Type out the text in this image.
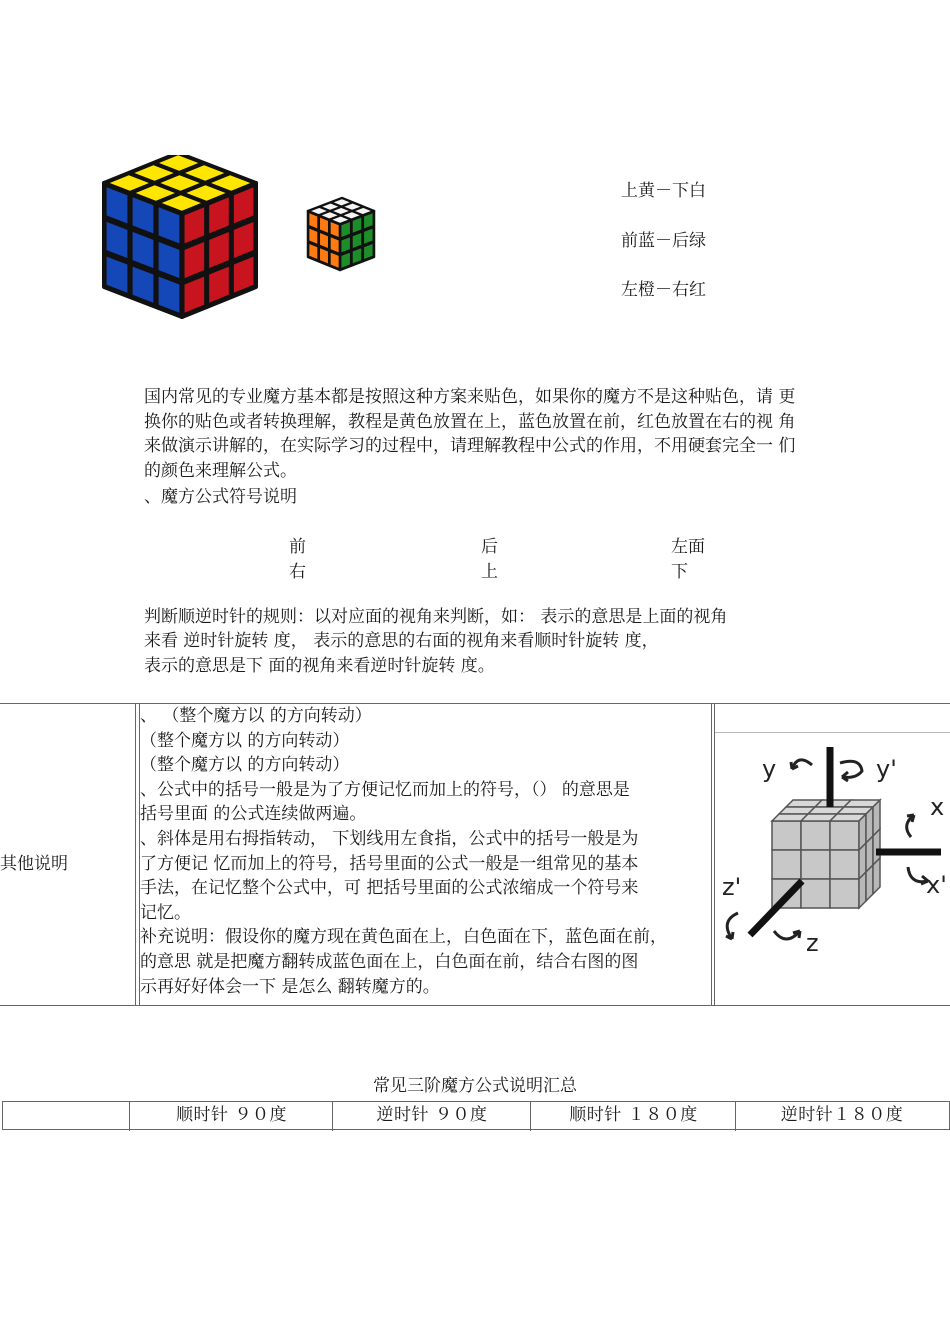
上黄－下白

前蓝－后绿

左橙－右红

国内常见的专业魔方基本都是按照这种方案来贴色，如果你的魔方不是这种贴色，请 更换你的贴色或者转换理解，教程是黄色放置在上，蓝色放置在前，红色放置在右的视 角来做演示讲解的，在实际学习的过程中，请理解教程中公式的作用，不用硬套完全一 们的颜色来理解公式。
、魔方公式符号说明
前	后	左面
右	上	下
判断顺逆时针的规则：以对应面的视角来判断，如： 表示的意思是上面的视角
来看 逆时针旋转 度， 表示的意思的右面的视角来看顺时针旋转 度，
表示的意思是下 面的视角来看逆时针旋转 度。
其他说明
、 （整个魔方以 的方向转动）
（整个魔方以 的方向转动）
（整个魔方以 的方向转动）
、公式中的括号一般是为了方便记忆而加上的符号，（） 的意思是
括号里面 的公式连续做两遍。
、斜体是用右拇指转动， 下划线用左食指，公式中的括号一般是为
了方便记 忆而加上的符号，括号里面的公式一般是一组常见的基本
手法，在记忆整个公式中，可 把括号里面的公式浓缩成一个符号来
记忆。
补充说明：假设你的魔方现在黄色面在上，白色面在下，蓝色面在前，
的意思 就是把魔方翻转成蓝色面在上，白色面在前，结合右图的图
示再好好体会一下 是怎么 翻转魔方的。
y	y'
x
x'
z'
z
常见三阶魔方公式说明汇总
顺时针 ９０度	逆时针 ９０度	顺时针 １８０度	逆时针１８０度
